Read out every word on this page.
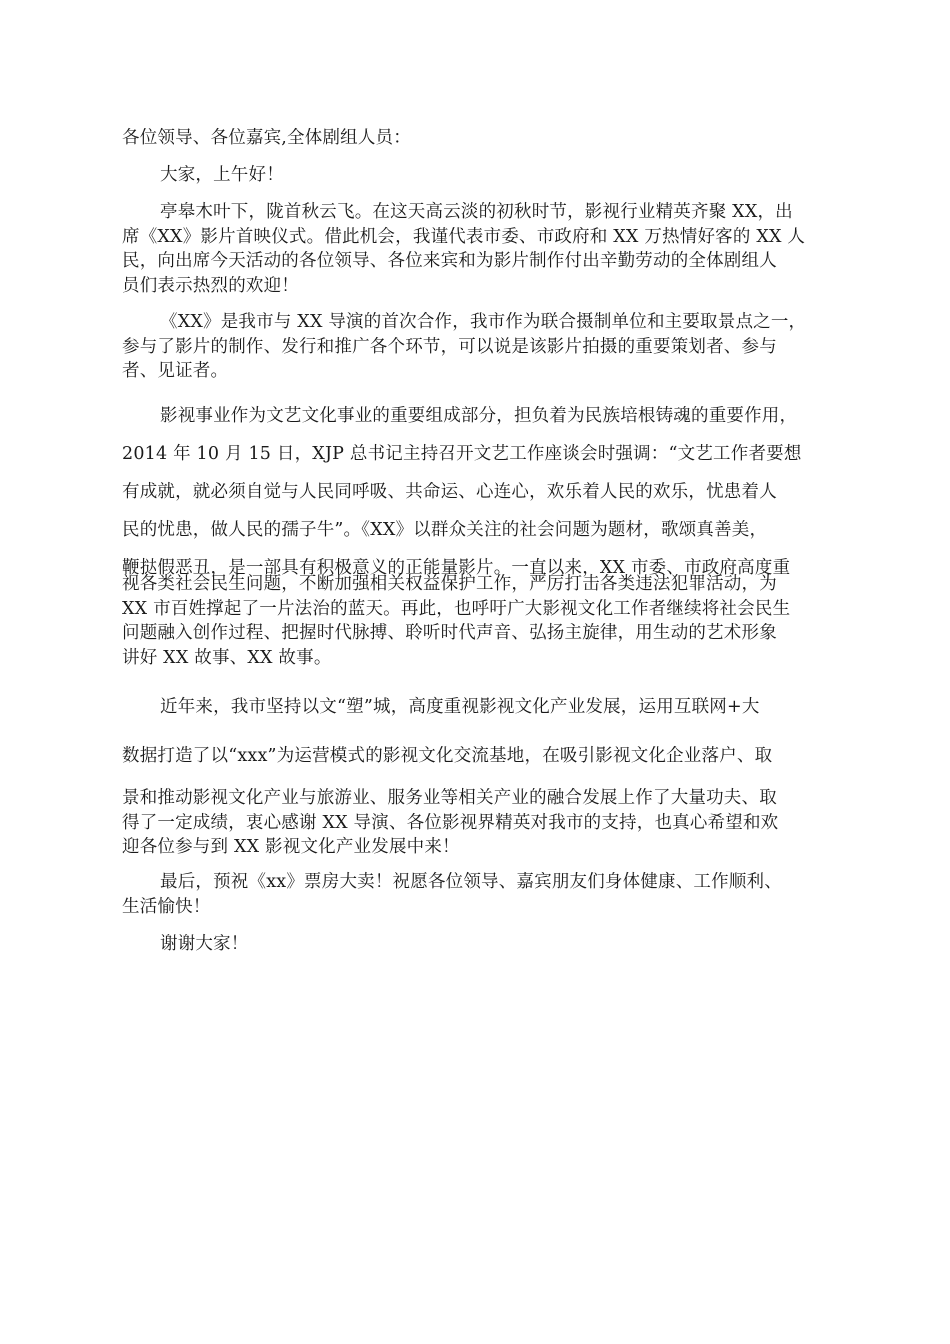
各位领导、各位嘉宾,全体剧组人员：

大家，上午好！

亭皋木叶下，陇首秋云飞。在这天高云淡的初秋时节，影视行业精英齐聚 XX，出
席《XX》影片首映仪式。借此机会，我谨代表市委、市政府和 XX 万热情好客的 XX 人
民，向出席今天活动的各位领导、各位来宾和为影片制作付出辛勤劳动的全体剧组人
员们表示热烈的欢迎！

《XX》是我市与 XX 导演的首次合作，我市作为联合摄制单位和主要取景点之一，
参与了影片的制作、发行和推广各个环节，可以说是该影片拍摄的重要策划者、参与
者、见证者。

影视事业作为文艺文化事业的重要组成部分，担负着为民族培根铸魂的重要作用，
2014 年 10 月 15 日，XJP 总书记主持召开文艺工作座谈会时强调：“文艺工作者要想
有成就，就必须自觉与人民同呼吸、共命运、心连心，欢乐着人民的欢乐，忧患着人
民的忧患，做人民的孺子牛”。《XX》以群众关注的社会问题为题材，歌颂真善美，
鞭挞假恶丑，是一部具有积极意义的正能量影片。一直以来，XX 市委、市政府高度重

视各类社会民生问题，不断加强相关权益保护工作，严厉打击各类违法犯罪活动，为
XX 市百姓撑起了一片法治的蓝天。再此，也呼吁广大影视文化工作者继续将社会民生
问题融入创作过程、把握时代脉搏、聆听时代声音、弘扬主旋律，用生动的艺术形象
讲好 XX 故事、XX 故事。

近年来，我市坚持以文“塑”城，高度重视影视文化产业发展，运用互联网+大

数据打造了以“xxx”为运营模式的影视文化交流基地，在吸引影视文化企业落户、取

景和推动影视文化产业与旅游业、服务业等相关产业的融合发展上作了大量功夫、取
得了一定成绩，衷心感谢 XX 导演、各位影视界精英对我市的支持，也真心希望和欢
迎各位参与到 XX 影视文化产业发展中来！

最后，预祝《xx》票房大卖！祝愿各位领导、嘉宾朋友们身体健康、工作顺利、
生活愉快！

谢谢大家！
